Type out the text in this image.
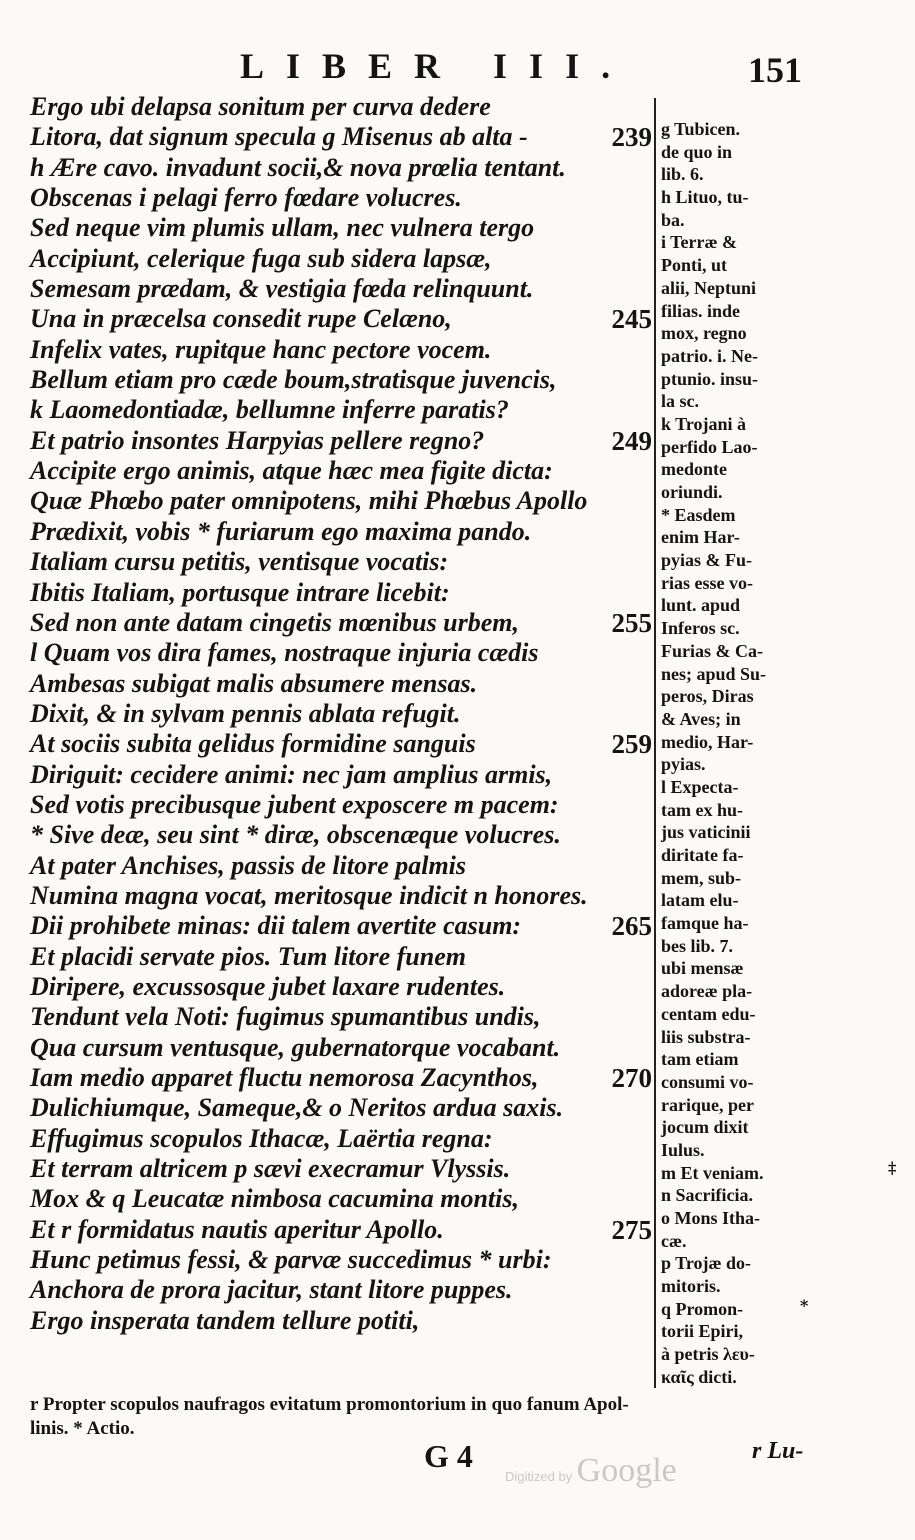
LIBER III.	151
Ergo ubi delapsa sonitum per curva dedere
Litora, dat signum specula g Misenus ab alta -	239
h Ære cavo. invadunt socii,& nova prœlia tentant.
Obscenas i pelagi ferro fœdare volucres.
Sed neque vim plumis ullam, nec vulnera tergo
Accipiunt, celerique fuga sub sidera lapsæ,
Semesam prædam, & vestigia fœda relinquunt.
Una in præcelsa consedit rupe Celæno,	245
Infelix vates, rupitque hanc pectore vocem.
Bellum etiam pro cæde boum,stratisque juvencis,
k Laomedontiadæ, bellumne inferre paratis?
Et patrio insontes Harpyias pellere regno?	249
Accipite ergo animis, atque hæc mea figite dicta:
Quæ Phœbo pater omnipotens, mihi Phœbus Apollo
Prædixit, vobis * furiarum ego maxima pando.
Italiam cursu petitis, ventisque vocatis:
Ibitis Italiam, portusque intrare licebit:
Sed non ante datam cingetis mœnibus urbem,	255
l Quam vos dira fames, nostraque injuria cædis
Ambesas subigat malis absumere mensas.
Dixit, & in sylvam pennis ablata refugit.
At sociis subita gelidus formidine sanguis	259
Diriguit: cecidere animi: nec jam amplius armis,
Sed votis precibusque jubent exposcere m pacem:
* Sive deæ, seu sint * diræ, obscenæque volucres.
At pater Anchises, passis de litore palmis
Numina magna vocat, meritosque indicit n honores.
Dii prohibete minas: dii talem avertite casum:	265
Et placidi servate pios. Tum litore funem
Diripere, excussosque jubet laxare rudentes.
Tendunt vela Noti: fugimus spumantibus undis,
Qua cursum ventusque, gubernatorque vocabant.
Iam medio apparet fluctu nemorosa Zacynthos,	270
Dulichiumque, Sameque,& o Neritos ardua saxis.
Effugimus scopulos Ithacæ, Laërtia regna:
Et terram altricem p sævi execramur Vlyssis.
Mox & q Leucatæ nimbosa cacumina montis,
Et r formidatus nautis aperitur Apollo.	275
Hunc petimus fessi, & parvæ succedimus * urbi:
Anchora de prora jacitur, stant litore puppes.
Ergo insperata tandem tellure potiti,
g Tubicen.
de quo in
lib. 6.
h Lituo, tu-
ba.
i Terræ &
Ponti, ut
alii, Neptuni
filias. inde
mox, regno
patrio. i. Ne-
ptunio. insu-
la sc.
k Trojani à
perfido Lao-
medonte
oriundi.
* Easdem
enim Har-
pyias & Fu-
rias esse vo-
lunt. apud
Inferos sc.
Furias & Ca-
nes; apud Su-
peros, Diras
& Aves; in
medio, Har-
pyias.
l Expecta-
tam ex hu-
jus vaticinii
diritate fa-
mem, sub-
latam elu-
famque ha-
bes lib. 7.
ubi mensæ
adoreæ pla-
centam edu-
liis substra-
tam etiam
consumi vo-
rarique, per
jocum dixit
Iulus.
m Et veniam.
n Sacrificia.
o Mons Itha-
cæ.
p Trojæ do-
mitoris.
q Promon-
torii Epiri,
à petris λευ-
καῖς dicti.
‡
*
r Propter scopulos naufragos evitatum promontorium in quo fanum Apol-
linis. * Actio.
G 4
Digitized by Google
r Lu-
